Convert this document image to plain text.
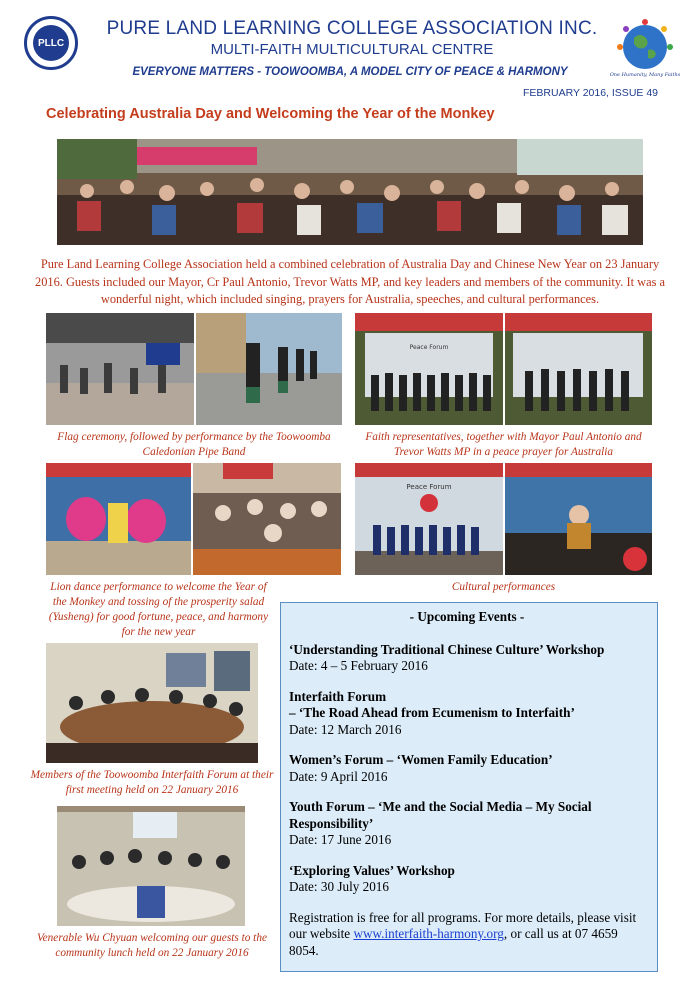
PLLC
PURE LAND LEARNING COLLEGE ASSOCIATION INC.
MULTI-FAITH MULTICULTURAL CENTRE
EVERYONE MATTERS - TOOWOOMBA, A MODEL CITY OF PEACE & HARMONY	One Humanity, Many Faiths
FEBRUARY 2016, ISSUE 49
Celebrating Australia Day and Welcoming the Year of the Monkey
Pure Land Learning College Association held a combined celebration of Australia Day and Chinese New Year on 23 January 2016. Guests included our Mayor, Cr Paul Antonio, Trevor Watts MP, and key leaders and members of the community. It was a wonderful night, which included singing, prayers for Australia, speeches, and cultural performances.
Peace Forum
Flag ceremony, followed by performance by the Toowoomba Caledonian Pipe Band
Faith representatives, together with Mayor Paul Antonio and Trevor Watts MP in a peace prayer for Australia
Peace Forum
Lion dance performance to welcome the Year of the Monkey and tossing of the prosperity salad (Yusheng) for good fortune, peace, and harmony for the new year
Cultural performances
Members of the Toowoomba Interfaith Forum at their first meeting held on 22 January 2016
Venerable Wu Chyuan welcoming our guests to the community lunch held on 22 January 2016
- Upcoming Events -
‘Understanding Traditional Chinese Culture’ Workshop
Date: 4 – 5 February 2016
Interfaith Forum
– ‘The Road Ahead from Ecumenism to Interfaith’
Date: 12 March 2016
Women’s Forum – ‘Women Family Education’
Date: 9 April 2016
Youth Forum – ‘Me and the Social Media – My Social Responsibility’
Date: 17 June 2016
‘Exploring Values’ Workshop
Date: 30 July 2016
Registration is free for all programs. For more details, please visit our website www.interfaith-harmony.org, or call us at 07 4659 8054.
